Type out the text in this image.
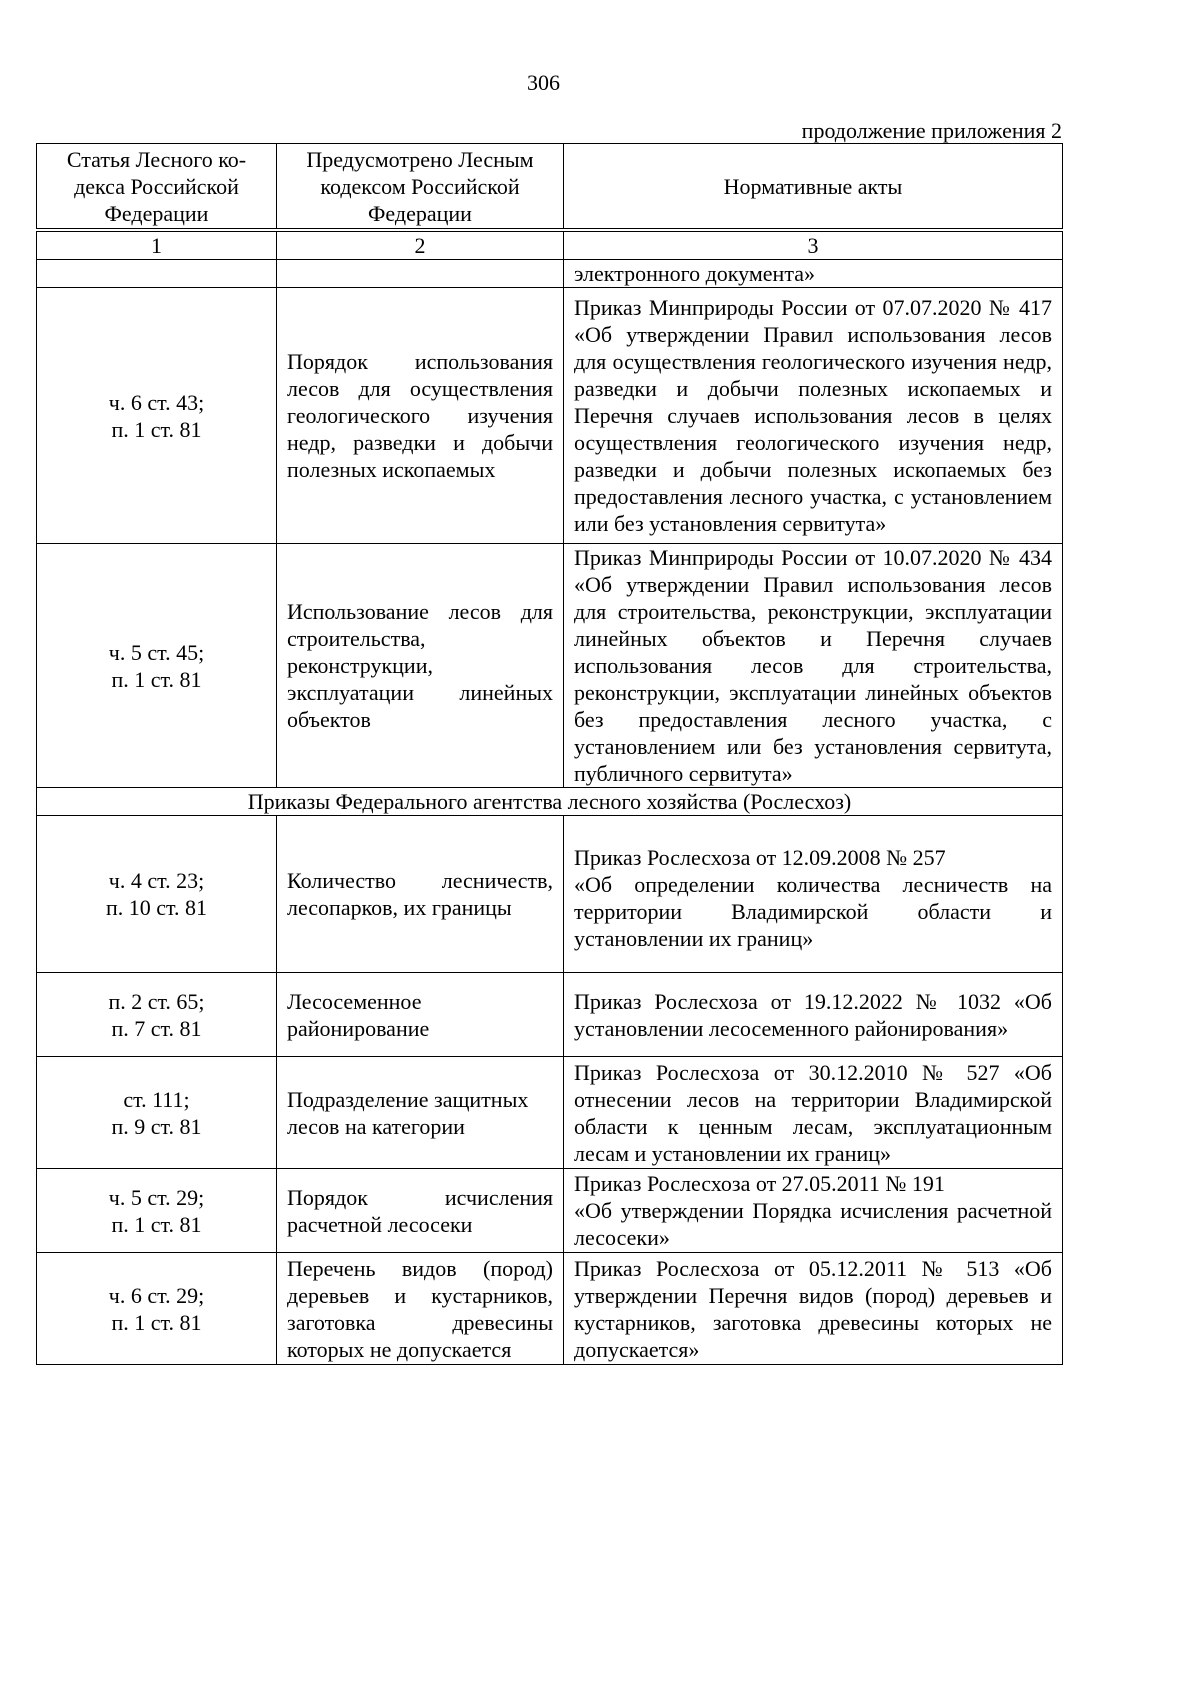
306
продолжение приложения 2
Статья Лесного ко- декса Российской Федерации	Предусмотрено Лесным кодексом Российской Федерации	Нормативные акты
1	2	3
		электронного документа»

ч. 6 ст. 43;
п. 1 ст. 81	Порядок использования лесов для осуществления геологического изучения недр, разведки и добычи полезных ископаемых	Приказ Минприроды России от 07.07.2020 № 417 «Об утверждении Правил использования лесов для осуществления геологического изучения недр, разведки и добычи полезных ископаемых и Перечня случаев использования лесов в целях осуществления геологического изучения недр, разведки и добычи полезных ископаемых без предоставления лесного участка, с установлением или без установления сервитута»

ч. 5 ст. 45;
п. 1 ст. 81	Использование лесов для строительства, реконструкции, эксплуатации линейных объектов	Приказ Минприроды России от 10.07.2020 № 434 «Об утверждении Правил использования лесов для строительства, реконструкции, эксплуатации линейных объектов и Перечня случаев использования лесов для строительства, реконструкции, эксплуатации линейных объектов без предоставления лесного участка, с установлением или без установления сервитута, публичного сервитута»
Приказы Федерального агентства лесного хозяйства (Рослесхоз)		

ч. 4 ст. 23;
п. 10 ст. 81	Количество лесничеств, лесопарков, их границы	Приказ Рослесхоза от 12.09.2008 № 257
«Об определении количества лесничеств на территории Владимирской области и установлении их границ»

п. 2 ст. 65;
п. 7 ст. 81	Лесосеменное районирование	Приказ Рослесхоза от 19.12.2022 № 1032 «Об установлении лесосеменного районирования»

ст. 111;
п. 9 ст. 81	Подразделение защитных
лесов на категории	Приказ Рослесхоза от 30.12.2010 № 527 «Об отнесении лесов на территории Владимирской области к ценным лесам, эксплуатационным лесам и установлении их границ»

ч. 5 ст. 29;
п. 1 ст. 81	Порядок исчисления расчетной лесосеки	Приказ Рослесхоза от 27.05.2011 № 191
«Об утверждении Порядка исчисления расчетной лесосеки»

ч. 6 ст. 29;
п. 1 ст. 81	Перечень видов (пород) деревьев и кустарников, заготовка древесины которых не допускается	Приказ Рослесхоза от 05.12.2011 № 513 «Об утверждении Перечня видов (пород) деревьев и кустарников, заготовка древесины которых не допускается»
